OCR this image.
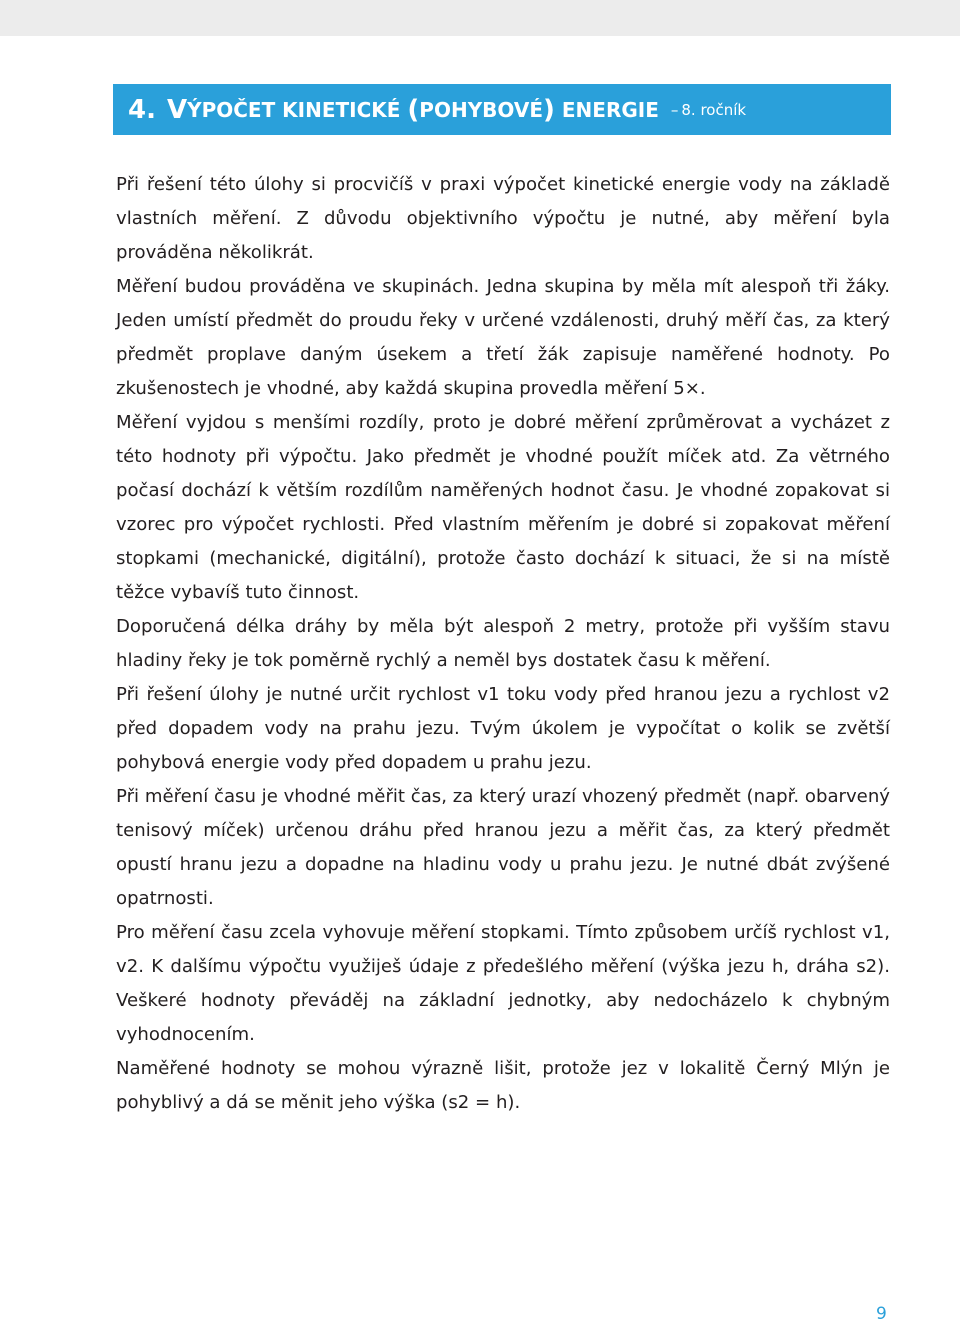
4. V ÝPOČET KINETICKÉ ( POHYBOVÉ ) ENERGIE – 8. ročník

Při řešení této úlohy si procvičíš v praxi výpočet kinetické energie vody na základě vlastních měření. Z důvodu objektivního výpočtu je nutné, aby měření byla prováděna několikrát.

Měření budou prováděna ve skupinách. Jedna skupina by měla mít alespoň tři žáky. Jeden umístí předmět do proudu řeky v určené vzdálenosti, druhý měří čas, za který předmět proplave daným úsekem a třetí žák zapisuje naměřené hodnoty. Po zkušenostech je vhodné, aby každá skupina provedla měření 5×.

Měření vyjdou s menšími rozdíly, proto je dobré měření zprůměrovat a vycházet z této hodnoty při výpočtu. Jako předmět je vhodné použít míček atd. Za větrného počasí dochází k větším rozdílům naměřených hodnot času. Je vhodné zopakovat si vzorec pro výpočet rychlosti. Před vlastním měřením je dobré si zopakovat měření stopkami (mechanické, digitální), protože často dochází k situaci, že si na místě těžce vybavíš tuto činnost.

Doporučená délka dráhy by měla být alespoň 2 metry, protože při vyšším stavu hladiny řeky je tok poměrně rychlý a neměl bys dostatek času k měření.

Při řešení úlohy je nutné určit rychlost v1 toku vody před hranou jezu a rychlost v2 před dopadem vody na prahu jezu. Tvým úkolem je vypočítat o kolik se zvětší pohybová energie vody před dopadem u prahu jezu.

Při měření času je vhodné měřit čas, za který urazí vhozený předmět (např. obarvený tenisový míček) určenou dráhu před hranou jezu a měřit čas, za který předmět opustí hranu jezu a dopadne na hladinu vody u prahu jezu. Je nutné dbát zvýšené opatrnosti.

Pro měření času zcela vyhovuje měření stopkami. Tímto způsobem určíš rychlost v1, v2. K dalšímu výpočtu využiješ údaje z předešlého měření (výška jezu h, dráha s2). Veškeré hodnoty převáděj na základní jednotky, aby nedocházelo k chybným vyhodnocením.

Naměřené hodnoty se mohou výrazně lišit, protože jez v lokalitě Černý Mlýn je pohyblivý a dá se měnit jeho výška (s2 = h).

9
